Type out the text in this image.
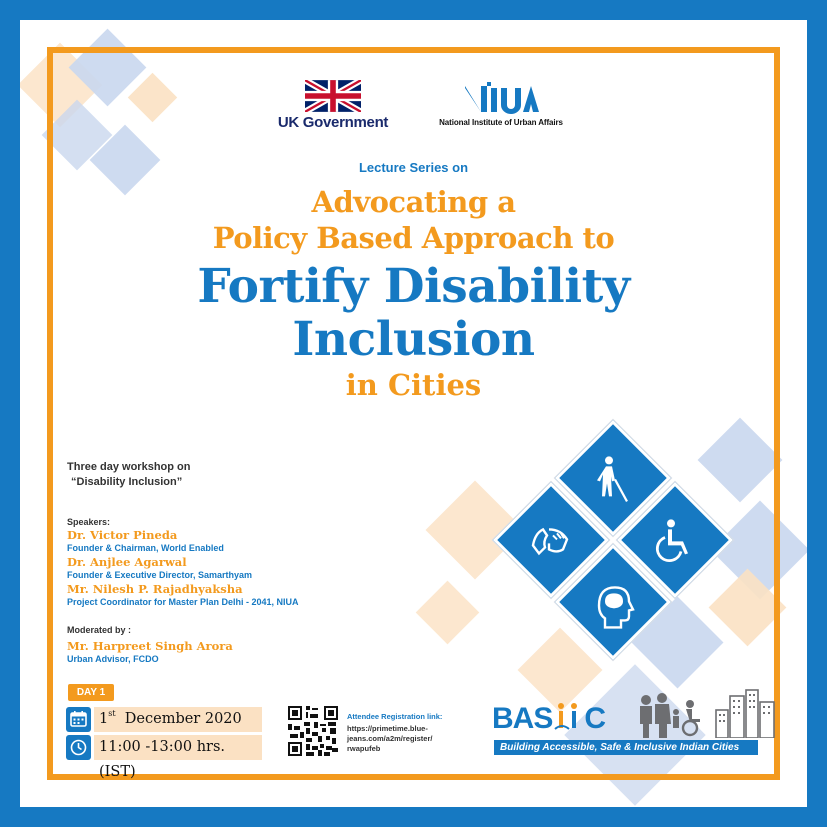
UK Government	National Institute of Urban Affairs
Lecture Series on
Advocating a
Policy Based Approach to
Fortify Disability
Inclusion
in Cities
Three day workshop on
“Disability Inclusion”
Speakers:
Dr. Victor Pineda
Founder & Chairman, World Enabled
Dr. Anjlee Agarwal
Founder & Executive Director, Samarthyam
Mr. Nilesh P. Rajadhyaksha
Project Coordinator for Master Plan Delhi - 2041, NIUA
Moderated by :
Mr. Harpreet Singh Arora
Urban Advisor, FCDO
DAY 1
1st December 2020
11:00 -13:00 hrs. (IST)
Attendee Registration link:
https://primetime.blue-
jeans.com/a2m/register/
rwapufeb
BAS C
Building Accessible, Safe & Inclusive Indian Cities
